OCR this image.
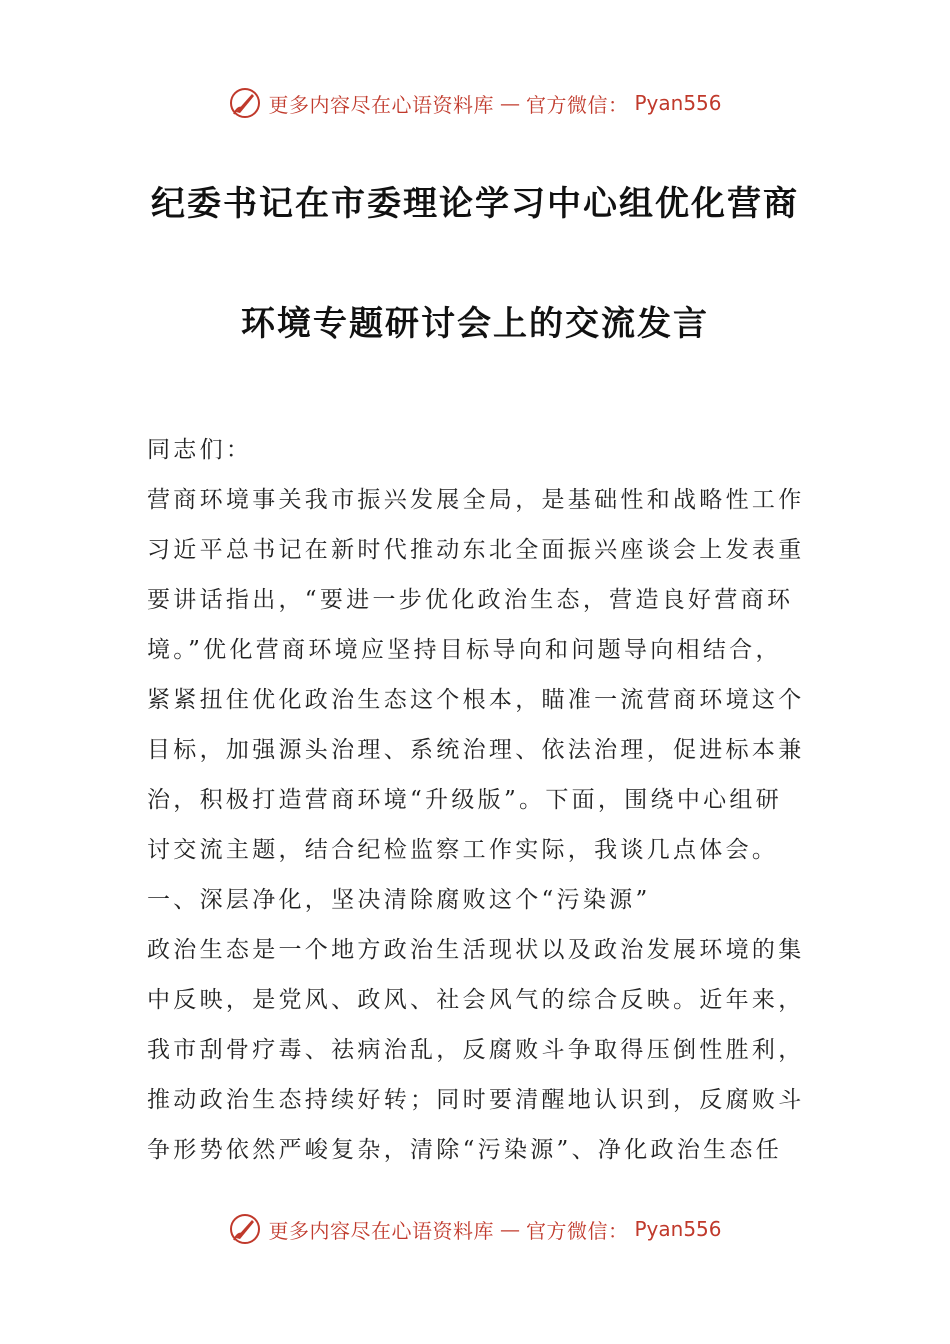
更多内容尽在心语资料库 — 官方微信： Pyan556
纪委书记在市委理论学习中心组优化营商
环境专题研讨会上的交流发言
同志们：
营商环境事关我市振兴发展全局，是基础性和战略性工作
习近平总书记在新时代推动东北全面振兴座谈会上发表重
要讲话指出，“要进一步优化政治生态，营造良好营商环
境。”优化营商环境应坚持目标导向和问题导向相结合，
紧紧扭住优化政治生态这个根本，瞄准一流营商环境这个
目标，加强源头治理、系统治理、依法治理，促进标本兼
治，积极打造营商环境“升级版”。下面，围绕中心组研
讨交流主题，结合纪检监察工作实际，我谈几点体会。
一、深层净化，坚决清除腐败这个“污染源”
政治生态是一个地方政治生活现状以及政治发展环境的集
中反映，是党风、政风、社会风气的综合反映。近年来，
我市刮骨疗毒、祛病治乱，反腐败斗争取得压倒性胜利，
推动政治生态持续好转；同时要清醒地认识到，反腐败斗
争形势依然严峻复杂，清除“污染源”、净化政治生态任
更多内容尽在心语资料库 — 官方微信： Pyan556
